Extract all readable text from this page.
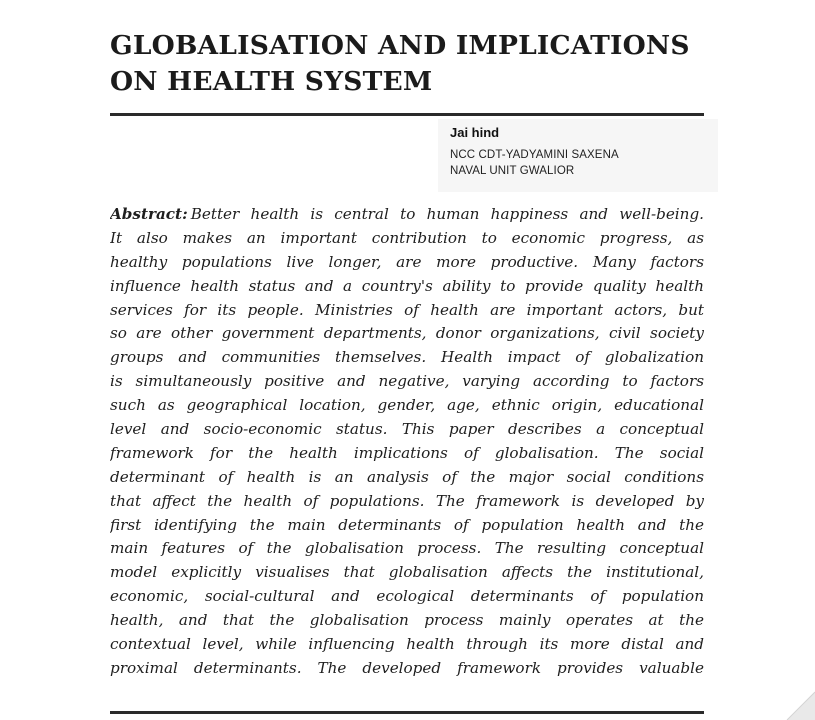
GLOBALISATION AND IMPLICATIONS
ON HEALTH SYSTEM
Jai hind
NCC CDT-YADYAMINI SAXENA
NAVAL UNIT GWALIOR
Abstract: Better health is central to human happiness and well-being.
It also makes an important contribution to economic progress, as
healthy populations live longer, are more productive. Many factors
influence health status and a country's ability to provide quality health
services for its people. Ministries of health are important actors, but
so are other government departments, donor organizations, civil society
groups and communities themselves. Health impact of globalization
is simultaneously positive and negative, varying according to factors
such as geographical location, gender, age, ethnic origin, educational
level and socio-economic status. This paper describes a conceptual
framework for the health implications of globalisation. The social
determinant of health is an analysis of the major social conditions
that affect the health of populations. The framework is developed by
first identifying the main determinants of population health and the
main features of the globalisation process. The resulting conceptual
model explicitly visualises that globalisation affects the institutional,
economic, social-cultural and ecological determinants of population
health, and that the globalisation process mainly operates at the
contextual level, while influencing health through its more distal and
proximal determinants. The developed framework provides valuable
